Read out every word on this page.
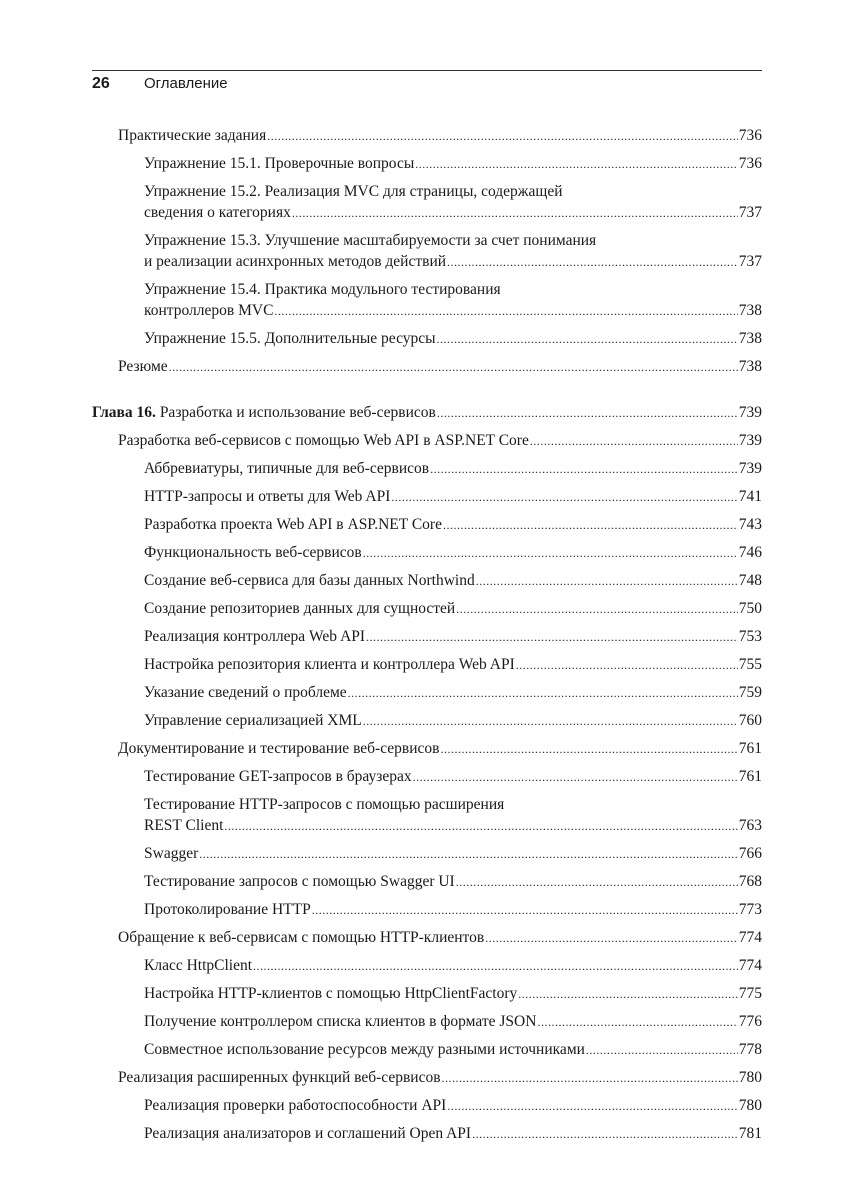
26 Оглавление
Практические задания .....	736
Упражнение 15.1. Проверочные вопросы .....	736
Упражнение 15.2. Реализация MVC для страницы, содержащей
сведения о категориях .....	737
Упражнение 15.3. Улучшение масштабируемости за счет понимания
и реализации асинхронных методов действий .....	737
Упражнение 15.4. Практика модульного тестирования
контроллеров MVC .....	738
Упражнение 15.5. Дополнительные ресурсы .....	738
Резюме .....	738
Глава 16. Разработка и использование веб-сервисов .....	739
Разработка веб-сервисов с помощью Web API в ASP.NET Core .....	739
Аббревиатуры, типичные для веб-сервисов .....	739
HTTP-запросы и ответы для Web API .....	741
Разработка проекта Web API в ASP.NET Core .....	743
Функциональность веб-сервисов .....	746
Создание веб-сервиса для базы данных Northwind .....	748
Создание репозиториев данных для сущностей .....	750
Реализация контроллера Web API .....	753
Настройка репозитория клиента и контроллера Web API .....	755
Указание сведений о проблеме .....	759
Управление сериализацией XML .....	760
Документирование и тестирование веб-сервисов .....	761
Тестирование GET-запросов в браузерах .....	761
Тестирование HTTP-запросов с помощью расширения
REST Client .....	763
Swagger .....	766
Тестирование запросов с помощью Swagger UI .....	768
Протоколирование HTTP .....	773
Обращение к веб-сервисам с помощью HTTP-клиентов .....	774
Класс HttpClient .....	774
Настройка HTTP-клиентов с помощью HttpClientFactory .....	775
Получение контроллером списка клиентов в формате JSON .....	776
Совместное использование ресурсов между разными источниками .....	778
Реализация расширенных функций веб-сервисов .....	780
Реализация проверки работоспособности API .....	780
Реализация анализаторов и соглашений Open API .....	781
